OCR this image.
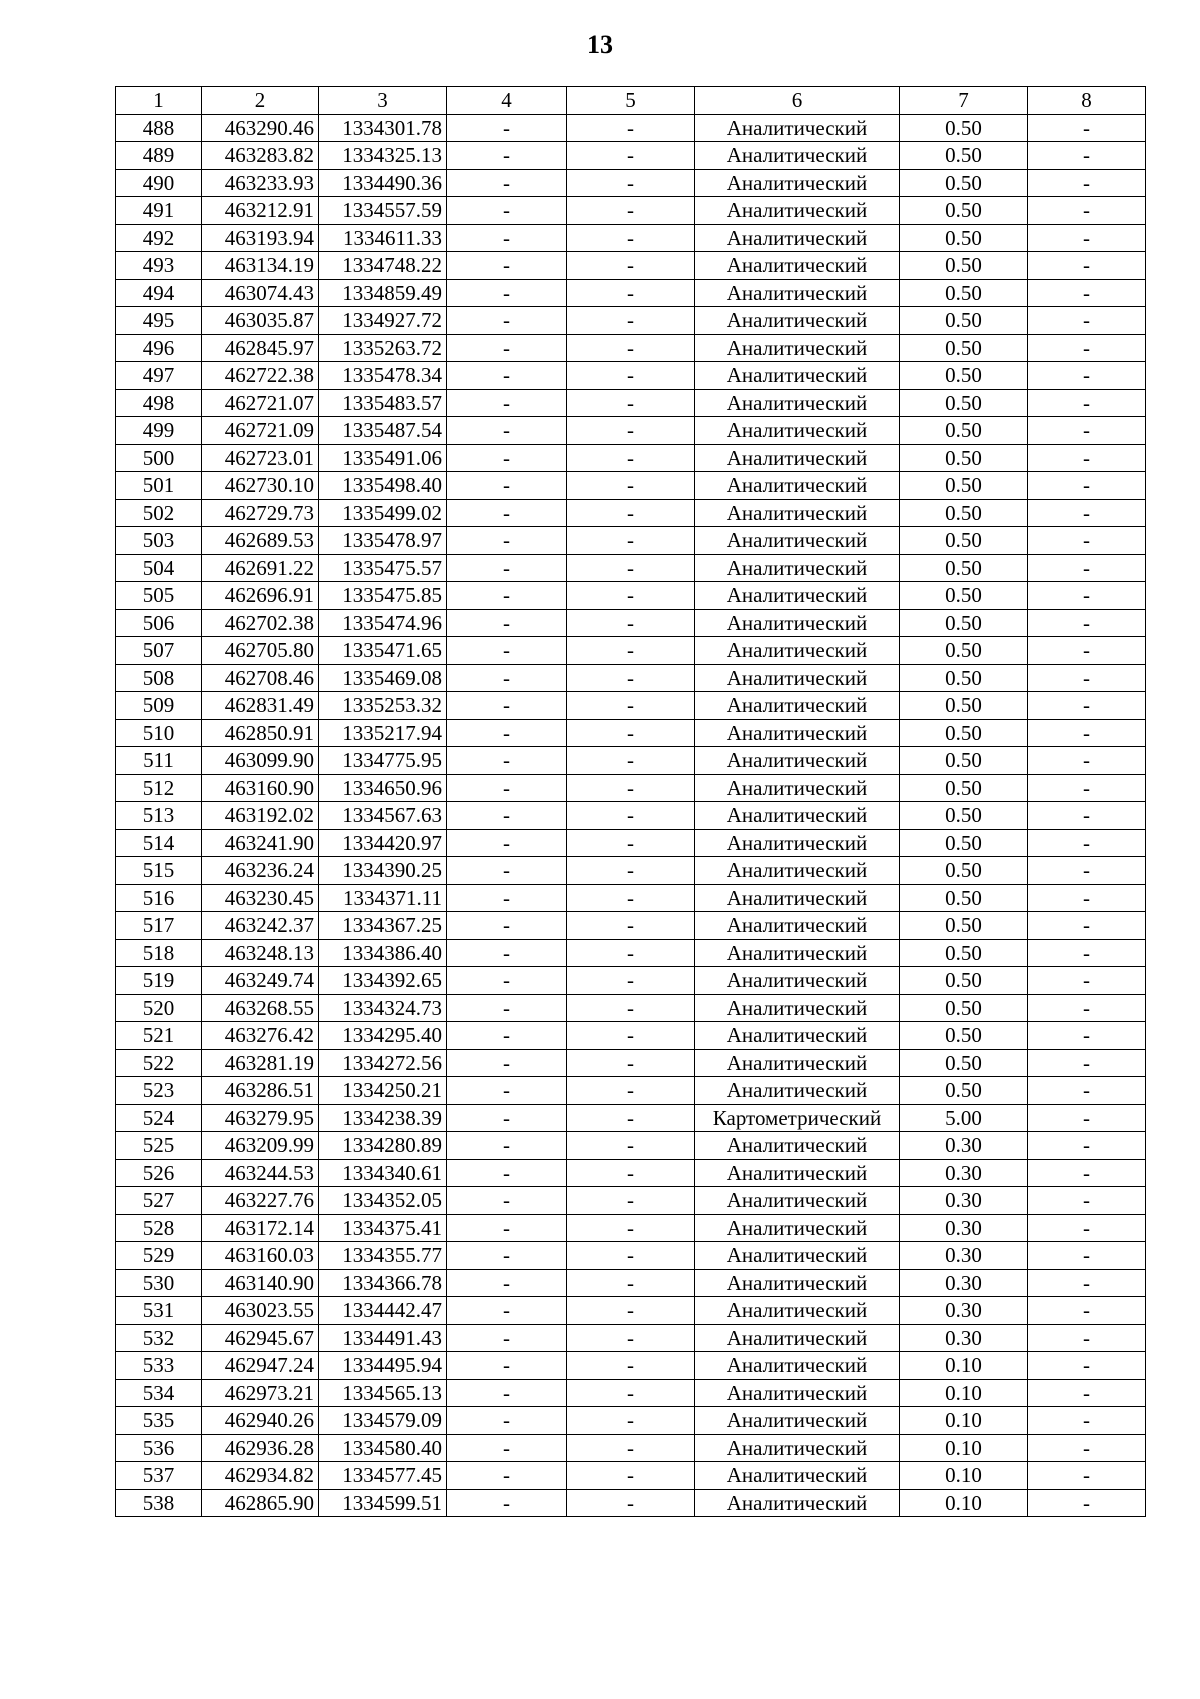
13
1	2	3	4	5	6	7	8
488	463290.46	1334301.78	-	-	Аналитический	0.50	-
489	463283.82	1334325.13	-	-	Аналитический	0.50	-
490	463233.93	1334490.36	-	-	Аналитический	0.50	-
491	463212.91	1334557.59	-	-	Аналитический	0.50	-
492	463193.94	1334611.33	-	-	Аналитический	0.50	-
493	463134.19	1334748.22	-	-	Аналитический	0.50	-
494	463074.43	1334859.49	-	-	Аналитический	0.50	-
495	463035.87	1334927.72	-	-	Аналитический	0.50	-
496	462845.97	1335263.72	-	-	Аналитический	0.50	-
497	462722.38	1335478.34	-	-	Аналитический	0.50	-
498	462721.07	1335483.57	-	-	Аналитический	0.50	-
499	462721.09	1335487.54	-	-	Аналитический	0.50	-
500	462723.01	1335491.06	-	-	Аналитический	0.50	-
501	462730.10	1335498.40	-	-	Аналитический	0.50	-
502	462729.73	1335499.02	-	-	Аналитический	0.50	-
503	462689.53	1335478.97	-	-	Аналитический	0.50	-
504	462691.22	1335475.57	-	-	Аналитический	0.50	-
505	462696.91	1335475.85	-	-	Аналитический	0.50	-
506	462702.38	1335474.96	-	-	Аналитический	0.50	-
507	462705.80	1335471.65	-	-	Аналитический	0.50	-
508	462708.46	1335469.08	-	-	Аналитический	0.50	-
509	462831.49	1335253.32	-	-	Аналитический	0.50	-
510	462850.91	1335217.94	-	-	Аналитический	0.50	-
511	463099.90	1334775.95	-	-	Аналитический	0.50	-
512	463160.90	1334650.96	-	-	Аналитический	0.50	-
513	463192.02	1334567.63	-	-	Аналитический	0.50	-
514	463241.90	1334420.97	-	-	Аналитический	0.50	-
515	463236.24	1334390.25	-	-	Аналитический	0.50	-
516	463230.45	1334371.11	-	-	Аналитический	0.50	-
517	463242.37	1334367.25	-	-	Аналитический	0.50	-
518	463248.13	1334386.40	-	-	Аналитический	0.50	-
519	463249.74	1334392.65	-	-	Аналитический	0.50	-
520	463268.55	1334324.73	-	-	Аналитический	0.50	-
521	463276.42	1334295.40	-	-	Аналитический	0.50	-
522	463281.19	1334272.56	-	-	Аналитический	0.50	-
523	463286.51	1334250.21	-	-	Аналитический	0.50	-
524	463279.95	1334238.39	-	-	Картометрический	5.00	-
525	463209.99	1334280.89	-	-	Аналитический	0.30	-
526	463244.53	1334340.61	-	-	Аналитический	0.30	-
527	463227.76	1334352.05	-	-	Аналитический	0.30	-
528	463172.14	1334375.41	-	-	Аналитический	0.30	-
529	463160.03	1334355.77	-	-	Аналитический	0.30	-
530	463140.90	1334366.78	-	-	Аналитический	0.30	-
531	463023.55	1334442.47	-	-	Аналитический	0.30	-
532	462945.67	1334491.43	-	-	Аналитический	0.30	-
533	462947.24	1334495.94	-	-	Аналитический	0.10	-
534	462973.21	1334565.13	-	-	Аналитический	0.10	-
535	462940.26	1334579.09	-	-	Аналитический	0.10	-
536	462936.28	1334580.40	-	-	Аналитический	0.10	-
537	462934.82	1334577.45	-	-	Аналитический	0.10	-
538	462865.90	1334599.51	-	-	Аналитический	0.10	-
